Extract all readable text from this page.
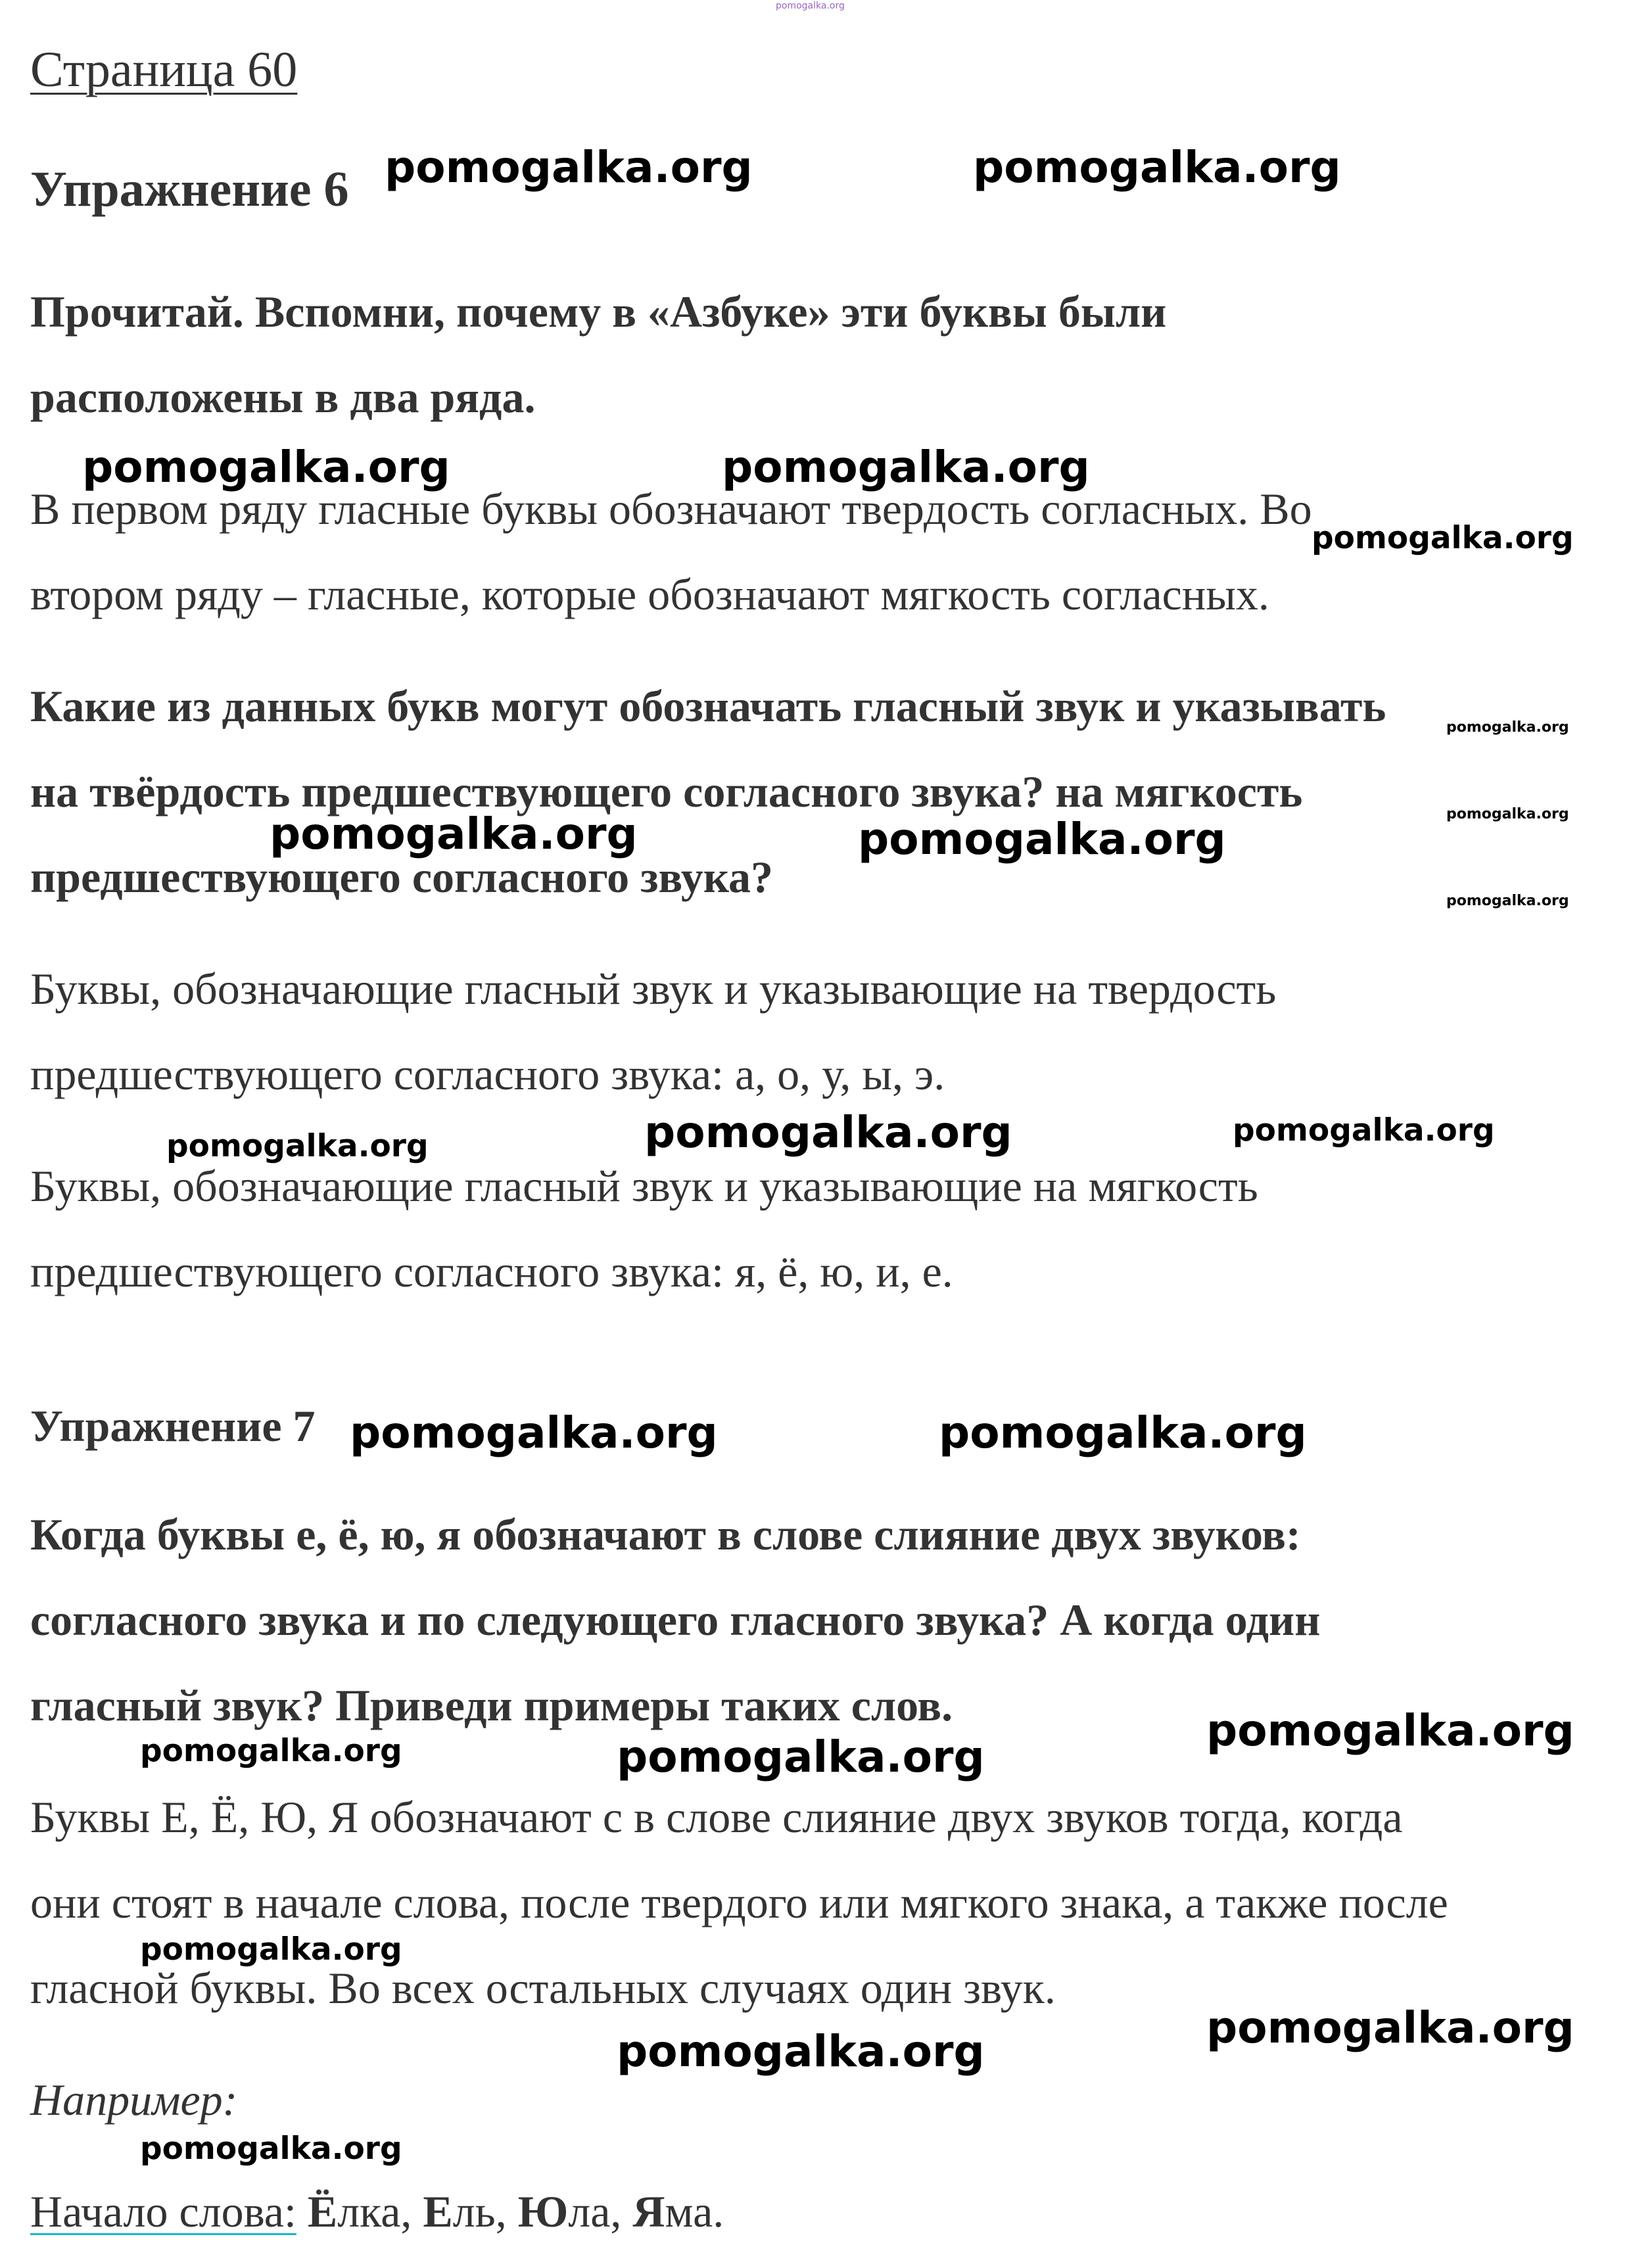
pomogalka.org
Страница 60
Упражнение 6
Прочитай. Вспомни, почему в «Азбуке» эти буквы были
расположены в два ряда.
В первом ряду гласные буквы обозначают твердость согласных. Во
втором ряду – гласные, которые обозначают мягкость согласных.
Какие из данных букв могут обозначать гласный звук и указывать
на твёрдость предшествующего согласного звука? на мягкость
предшествующего согласного звука?
Буквы, обозначающие гласный звук и указывающие на твердость
предшествующего согласного звука: а, о, у, ы, э.
Буквы, обозначающие гласный звук и указывающие на мягкость
предшествующего согласного звука: я, ё, ю, и, е.
Упражнение 7
Когда буквы е, ё, ю, я обозначают в слове слияние двух звуков:
согласного звука и по следующего гласного звука? А когда один
гласный звук? Приведи примеры таких слов.
Буквы Е, Ё, Ю, Я обозначают с в слове слияние двух звуков тогда, когда
они стоят в начале слова, после твердого или мягкого знака, а также после
гласной буквы. Во всех остальных случаях один звук.
Например:
Начало слова: Ёлка, Ель, Юла, Яма.
pomogalka.org	pomogalka.org
pomogalka.org	pomogalka.org
pomogalka.org
pomogalka.org
pomogalka.org
pomogalka.org
pomogalka.org	pomogalka.org
pomogalka.org	pomogalka.org	pomogalka.org
pomogalka.org	pomogalka.org
pomogalka.org
pomogalka.org	pomogalka.org
pomogalka.org
pomogalka.org
pomogalka.org
pomogalka.org
